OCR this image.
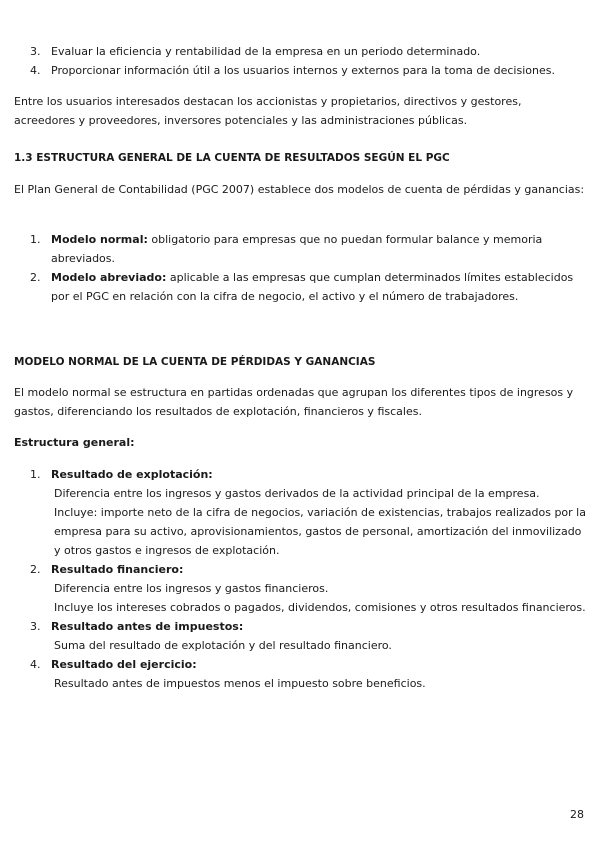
3. Evaluar la eficiencia y rentabilidad de la empresa en un periodo determinado.
4. Proporcionar información útil a los usuarios internos y externos para la toma de decisiones.

Entre los usuarios interesados destacan los accionistas y propietarios, directivos y gestores, acreedores y proveedores, inversores potenciales y las administraciones públicas.

1.3 ESTRUCTURA GENERAL DE LA CUENTA DE RESULTADOS SEGÚN EL PGC

El Plan General de Contabilidad (PGC 2007) establece dos modelos de cuenta de pérdidas y ganancias:

1. Modelo normal: obligatorio para empresas que no puedan formular balance y memoria abreviados.
2. Modelo abreviado: aplicable a las empresas que cumplan determinados límites establecidos por el PGC en relación con la cifra de negocio, el activo y el número de trabajadores.

MODELO NORMAL DE LA CUENTA DE PÉRDIDAS Y GANANCIAS

El modelo normal se estructura en partidas ordenadas que agrupan los diferentes tipos de ingresos y gastos, diferenciando los resultados de explotación, financieros y fiscales.

Estructura general:

1. Resultado de explotación:
Diferencia entre los ingresos y gastos derivados de la actividad principal de la empresa.
Incluye: importe neto de la cifra de negocios, variación de existencias, trabajos realizados por la empresa para su activo, aprovisionamientos, gastos de personal, amortización del inmovilizado y otros gastos e ingresos de explotación.
2. Resultado financiero:
Diferencia entre los ingresos y gastos financieros.
Incluye los intereses cobrados o pagados, dividendos, comisiones y otros resultados financieros.
3. Resultado antes de impuestos:
Suma del resultado de explotación y del resultado financiero.
4. Resultado del ejercicio:
Resultado antes de impuestos menos el impuesto sobre beneficios.
28
